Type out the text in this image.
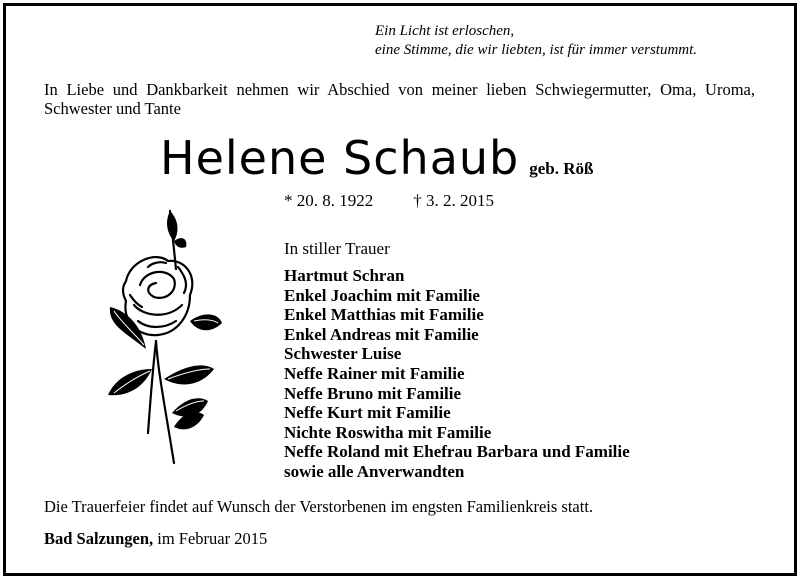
Ein Licht ist erloschen,
eine Stimme, die wir liebten, ist für immer verstummt.
In Liebe und Dankbarkeit nehmen wir Abschied von meiner lieben Schwiegermutter, Oma, Uroma, Schwester und Tante
Helene Schaub geb. Röß
* 20. 8. 1922 † 3. 2. 2015
In stiller Trauer
Hartmut Schran
Enkel Joachim mit Familie
Enkel Matthias mit Familie
Enkel Andreas mit Familie
Schwester Luise
Neffe Rainer mit Familie
Neffe Bruno mit Familie
Neffe Kurt mit Familie
Nichte Roswitha mit Familie
Neffe Roland mit Ehefrau Barbara und Familie
sowie alle Anverwandten
Die Trauerfeier findet auf Wunsch der Verstorbenen im engsten Familienkreis statt.
Bad Salzungen, im Februar 2015
